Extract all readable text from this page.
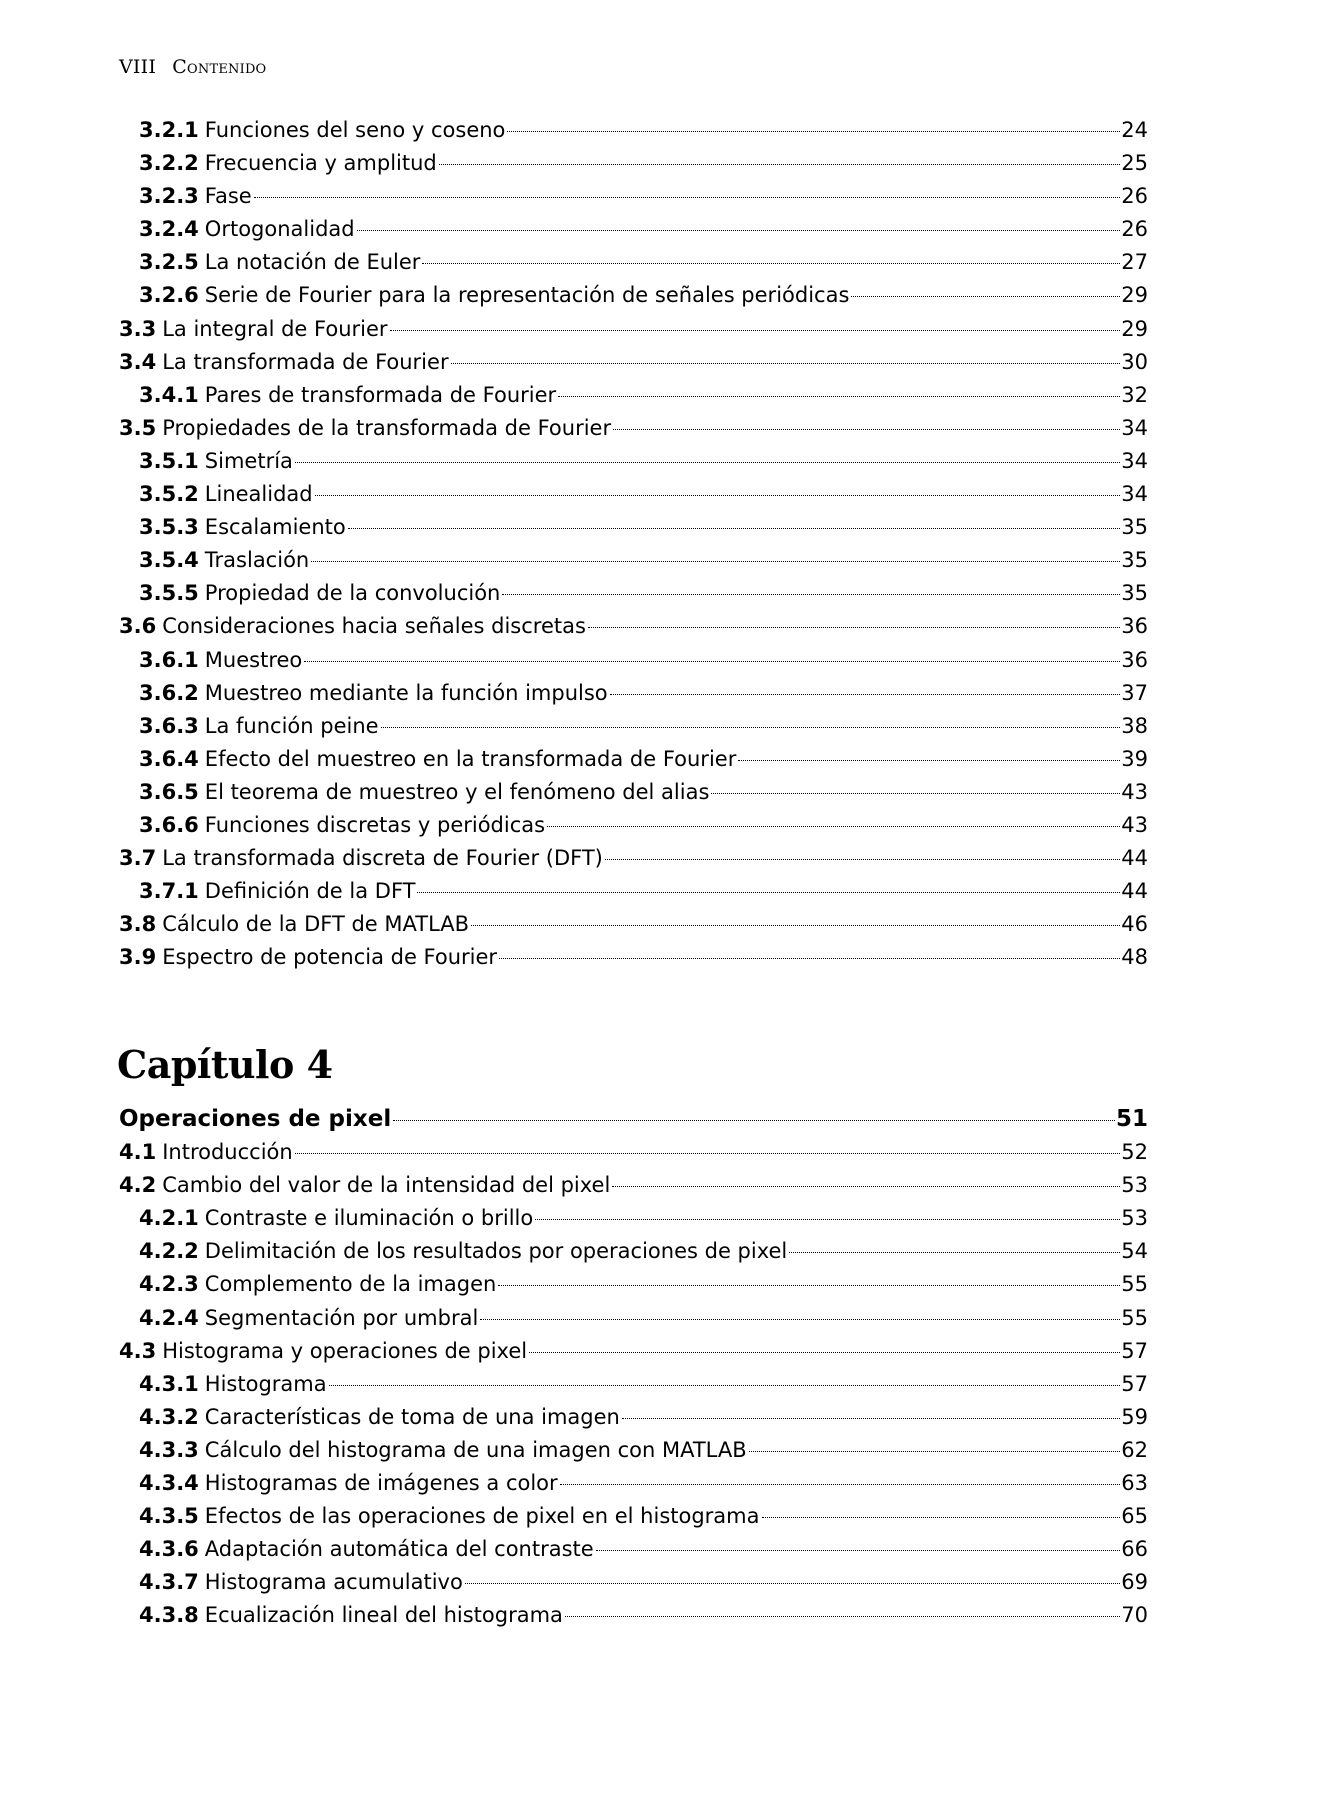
VIII Contenido
3.2.1 Funciones del seno y coseno	24
3.2.2 Frecuencia y amplitud	25
3.2.3 Fase	26
3.2.4 Ortogonalidad	26
3.2.5 La notación de Euler	27
3.2.6 Serie de Fourier para la representación de señales periódicas	29
3.3 La integral de Fourier	29
3.4 La transformada de Fourier	30
3.4.1 Pares de transformada de Fourier	32
3.5 Propiedades de la transformada de Fourier	34
3.5.1 Simetría	34
3.5.2 Linealidad	34
3.5.3 Escalamiento	35
3.5.4 Traslación	35
3.5.5 Propiedad de la convolución	35
3.6 Consideraciones hacia señales discretas	36
3.6.1 Muestreo	36
3.6.2 Muestreo mediante la función impulso	37
3.6.3 La función peine	38
3.6.4 Efecto del muestreo en la transformada de Fourier	39
3.6.5 El teorema de muestreo y el fenómeno del alias	43
3.6.6 Funciones discretas y periódicas	43
3.7 La transformada discreta de Fourier (DFT)	44
3.7.1 Definición de la DFT	44
3.8 Cálculo de la DFT de MATLAB	46
3.9 Espectro de potencia de Fourier	48
Capítulo 4
Operaciones de pixel	51
4.1 Introducción	52
4.2 Cambio del valor de la intensidad del pixel	53
4.2.1 Contraste e iluminación o brillo	53
4.2.2 Delimitación de los resultados por operaciones de pixel	54
4.2.3 Complemento de la imagen	55
4.2.4 Segmentación por umbral	55
4.3 Histograma y operaciones de pixel	57
4.3.1 Histograma	57
4.3.2 Características de toma de una imagen	59
4.3.3 Cálculo del histograma de una imagen con MATLAB	62
4.3.4 Histogramas de imágenes a color	63
4.3.5 Efectos de las operaciones de pixel en el histograma	65
4.3.6 Adaptación automática del contraste	66
4.3.7 Histograma acumulativo	69
4.3.8 Ecualización lineal del histograma	70
